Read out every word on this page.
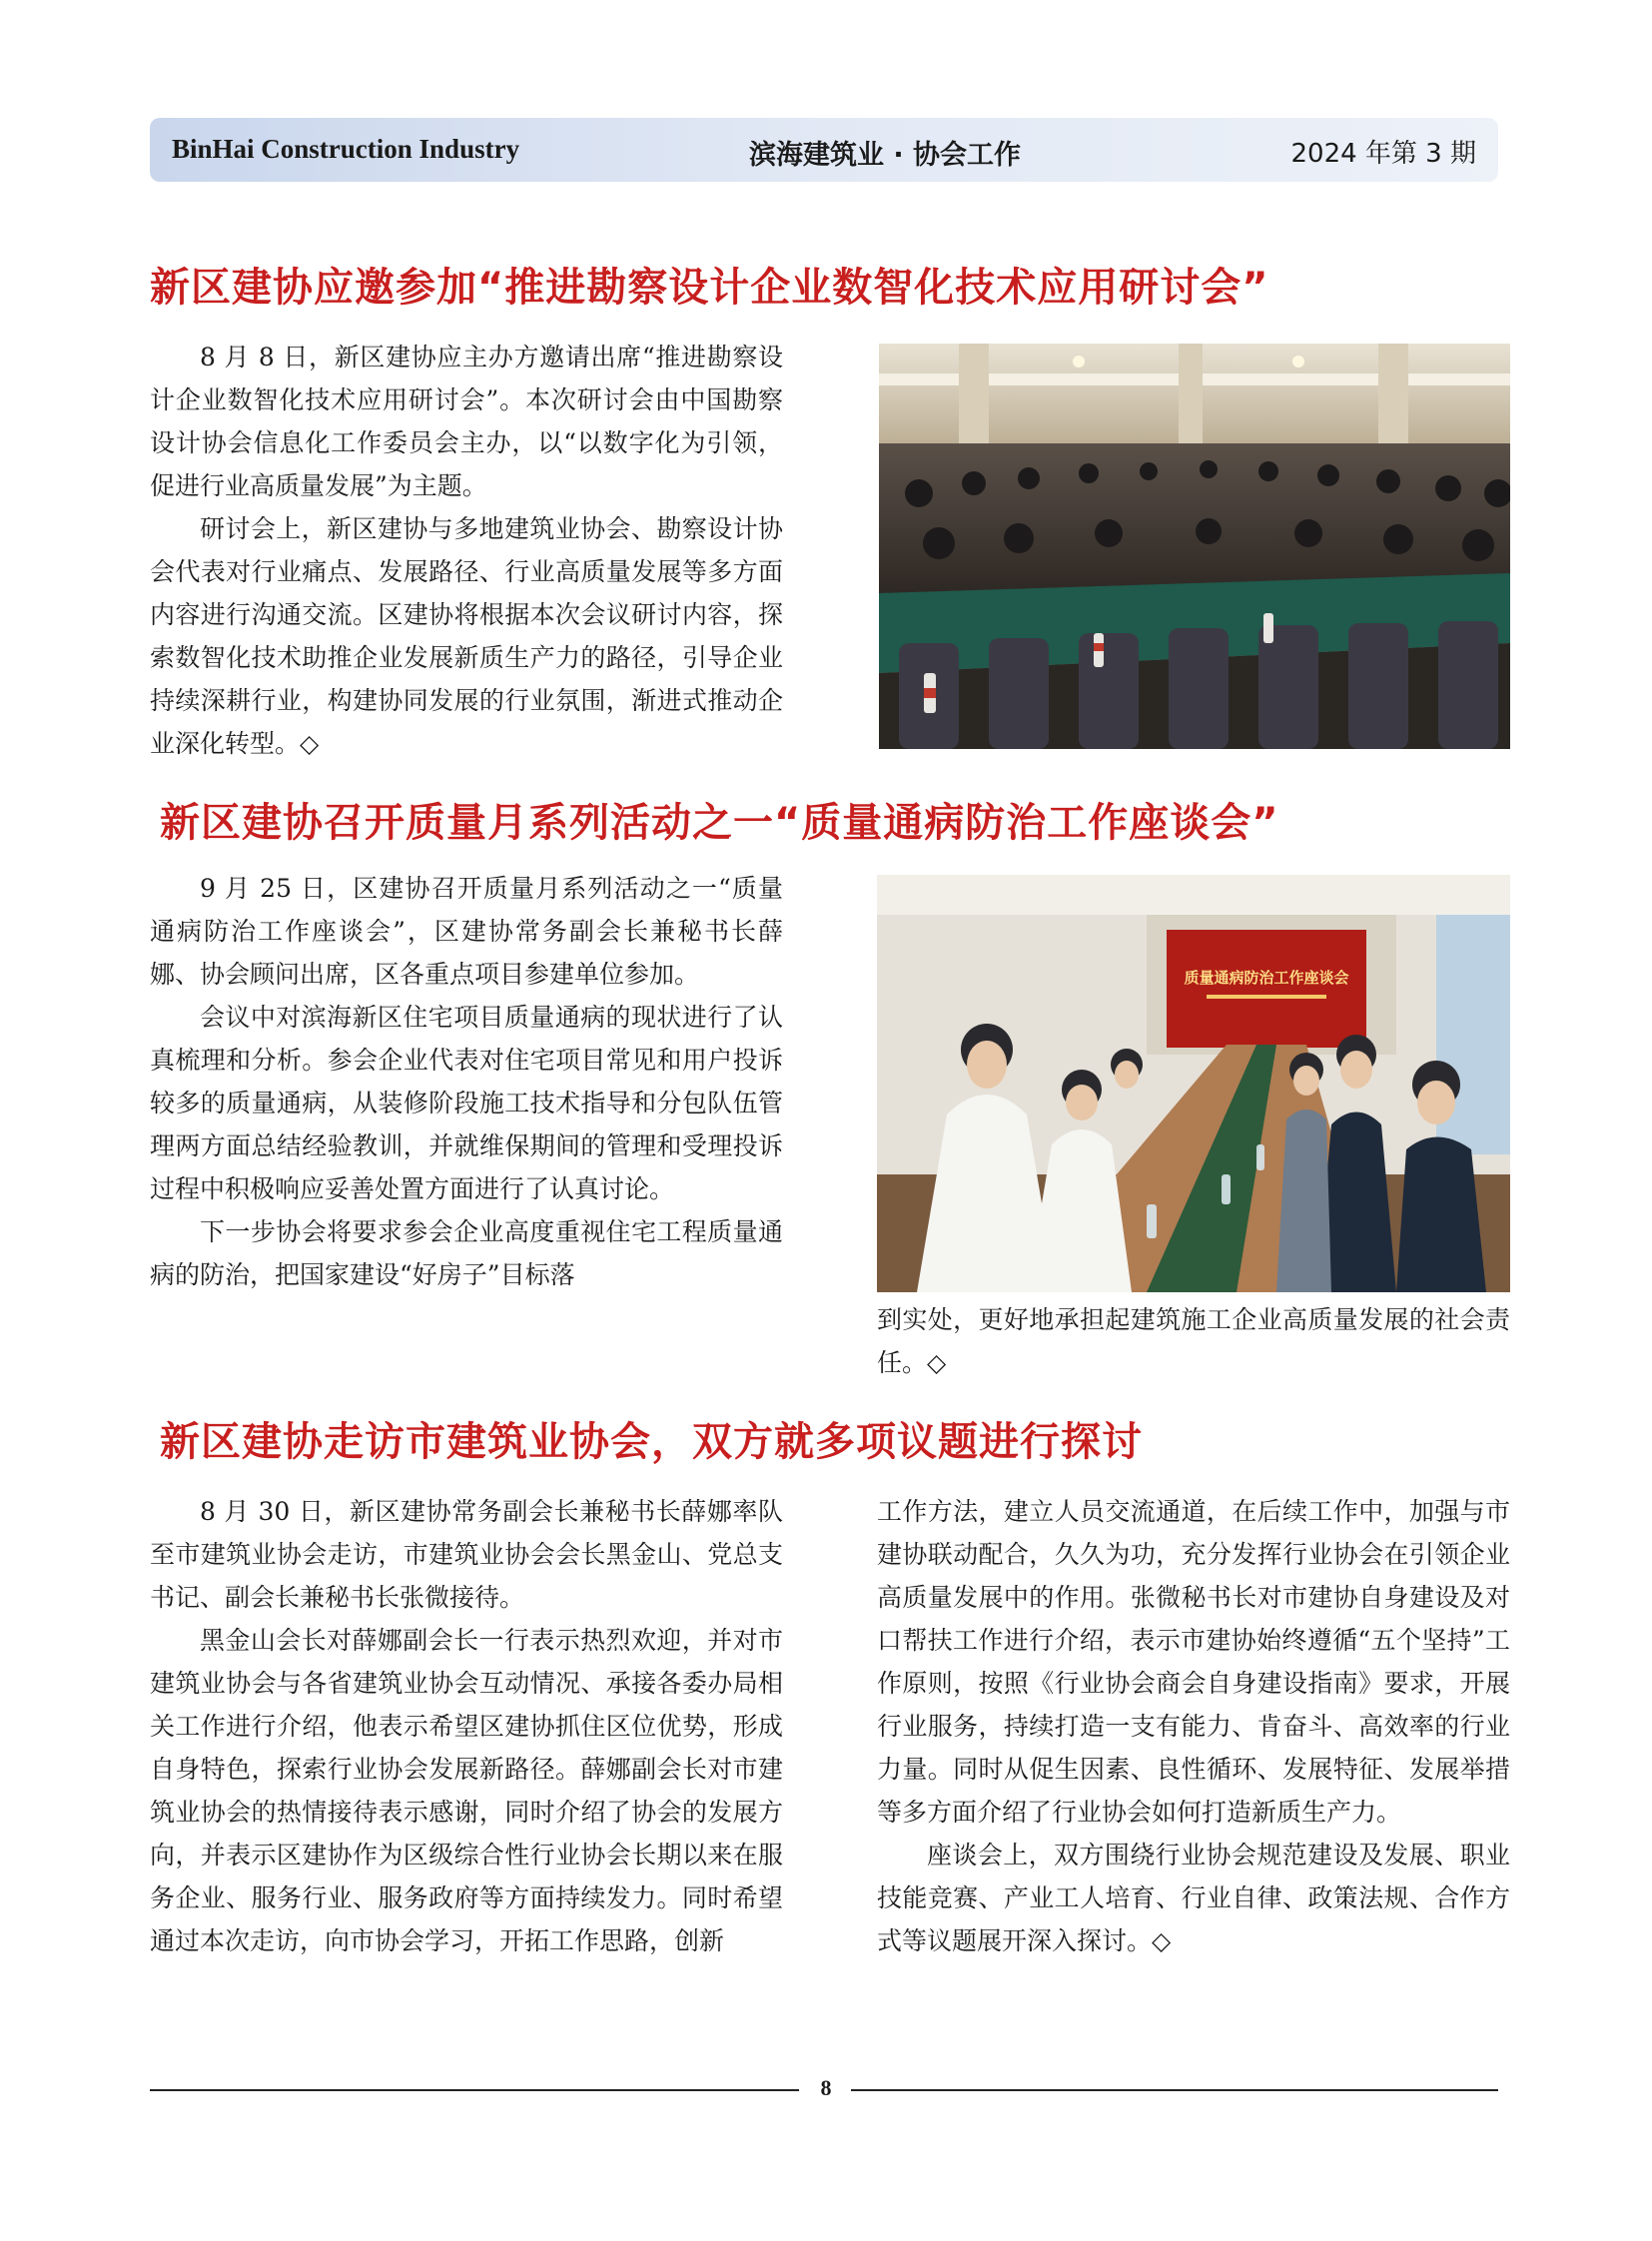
BinHai Construction Industry	滨海建筑业 · 协会工作	2024 年第 3 期
新区建协应邀参加“推进勘察设计企业数智化技术应用研讨会”

8 月 8 日，新区建协应主办方邀请出席“推进勘察设计企业数智化技术应用研讨会”。本次研讨会由中国勘察设计协会信息化工作委员会主办，以“以数字化为引领，促进行业高质量发展”为主题。

研讨会上，新区建协与多地建筑业协会、勘察设计协会代表对行业痛点、发展路径、行业高质量发展等多方面内容进行沟通交流。区建协将根据本次会议研讨内容，探索数智化技术助推企业发展新质生产力的路径，引导企业持续深耕行业，构建协同发展的行业氛围，渐进式推动企业深化转型。◇

新区建协召开质量月系列活动之一“质量通病防治工作座谈会”

9 月 25 日，区建协召开质量月系列活动之一“质量通病防治工作座谈会”，区建协常务副会长兼秘书长薛娜、协会顾问出席，区各重点项目参建单位参加。

会议中对滨海新区住宅项目质量通病的现状进行了认真梳理和分析。参会企业代表对住宅项目常见和用户投诉较多的质量通病，从装修阶段施工技术指导和分包队伍管理两方面总结经验教训，并就维保期间的管理和受理投诉过程中积极响应妥善处置方面进行了认真讨论。

下一步协会将要求参会企业高度重视住宅工程质量通病的防治，把国家建设“好房子”目标落

质量通病防治工作座谈会

到实处，更好地承担起建筑施工企业高质量发展的社会责任。◇

新区建协走访市建筑业协会，双方就多项议题进行探讨

8 月 30 日，新区建协常务副会长兼秘书长薛娜率队至市建筑业协会走访，市建筑业协会会长黑金山、党总支书记、副会长兼秘书长张微接待。

黑金山会长对薛娜副会长一行表示热烈欢迎，并对市建筑业协会与各省建筑业协会互动情况、承接各委办局相关工作进行介绍，他表示希望区建协抓住区位优势，形成自身特色，探索行业协会发展新路径。薛娜副会长对市建筑业协会的热情接待表示感谢，同时介绍了协会的发展方向，并表示区建协作为区级综合性行业协会长期以来在服务企业、服务行业、服务政府等方面持续发力。同时希望通过本次走访，向市协会学习，开拓工作思路，创新

工作方法，建立人员交流通道，在后续工作中，加强与市建协联动配合，久久为功，充分发挥行业协会在引领企业高质量发展中的作用。张微秘书长对市建协自身建设及对口帮扶工作进行介绍，表示市建协始终遵循“五个坚持”工作原则，按照《行业协会商会自身建设指南》要求，开展行业服务，持续打造一支有能力、肯奋斗、高效率的行业力量。同时从促生因素、良性循环、发展特征、发展举措等多方面介绍了行业协会如何打造新质生产力。

座谈会上，双方围绕行业协会规范建设及发展、职业技能竞赛、产业工人培育、行业自律、政策法规、合作方式等议题展开深入探讨。◇

8
